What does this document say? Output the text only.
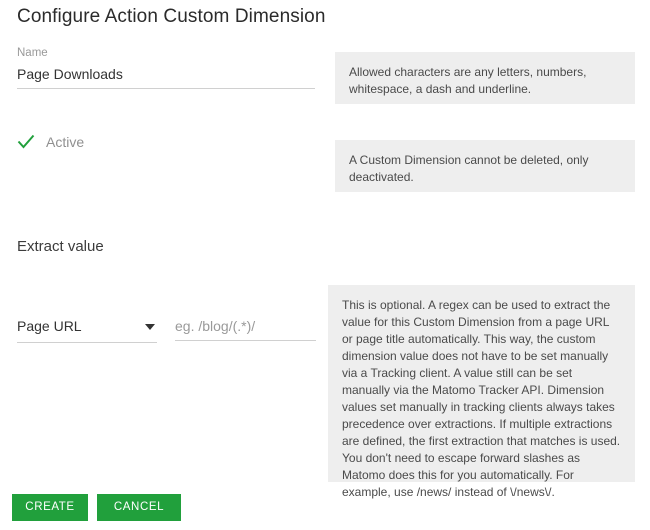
Configure Action Custom Dimension
Name
Page Downloads
Allowed characters are any letters, numbers, whitespace, a dash and underline.
Active
A Custom Dimension cannot be deleted, only deactivated.
Extract value
Page URL
eg. /blog/(.*)/
This is optional. A regex can be used to extract the value for this Custom Dimension from a page URL or page title automatically. This way, the custom dimension value does not have to be set manually via a Tracking client. A value still can be set manually via the Matomo Tracker API. Dimension values set manually in tracking clients always takes precedence over extractions. If multiple extractions are defined, the first extraction that matches is used. You don't need to escape forward slashes as Matomo does this for you automatically. For example, use /news/ instead of \/news\/.
CREATE	CANCEL
